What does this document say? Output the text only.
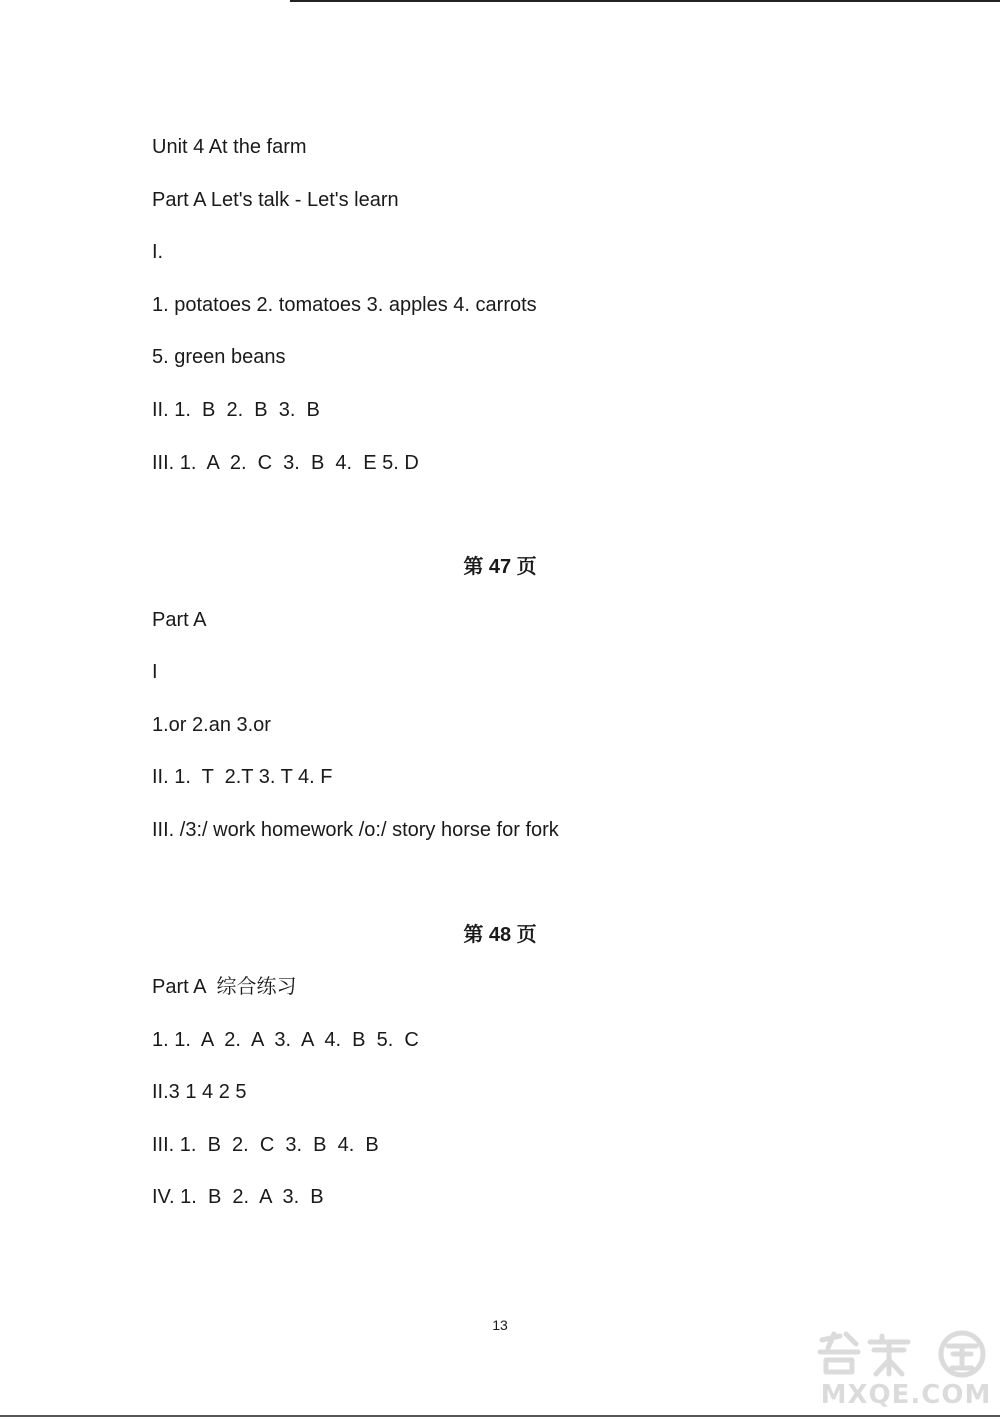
Unit 4 At the farm
Part A Let's talk - Let's learn
I.
1. potatoes 2. tomatoes 3. apples 4. carrots
5. green beans
II. 1.  B  2.  B  3.  B
III. 1.  A  2.  C  3.  B  4.  E 5. D
第 47 页
Part A
I
1.or 2.an 3.or
II. 1.  T  2.T 3. T 4. F
III. /3:/ work homework /o:/ story horse for fork
第 48 页
Part A  综合练习
1. 1.  A  2.  A  3.  A  4.  B  5.  C
II.3 1 4 2 5
III. 1.  B  2.  C  3.  B  4.  B
IV. 1.  B  2.  A  3.  B
13
MXQE.COM
